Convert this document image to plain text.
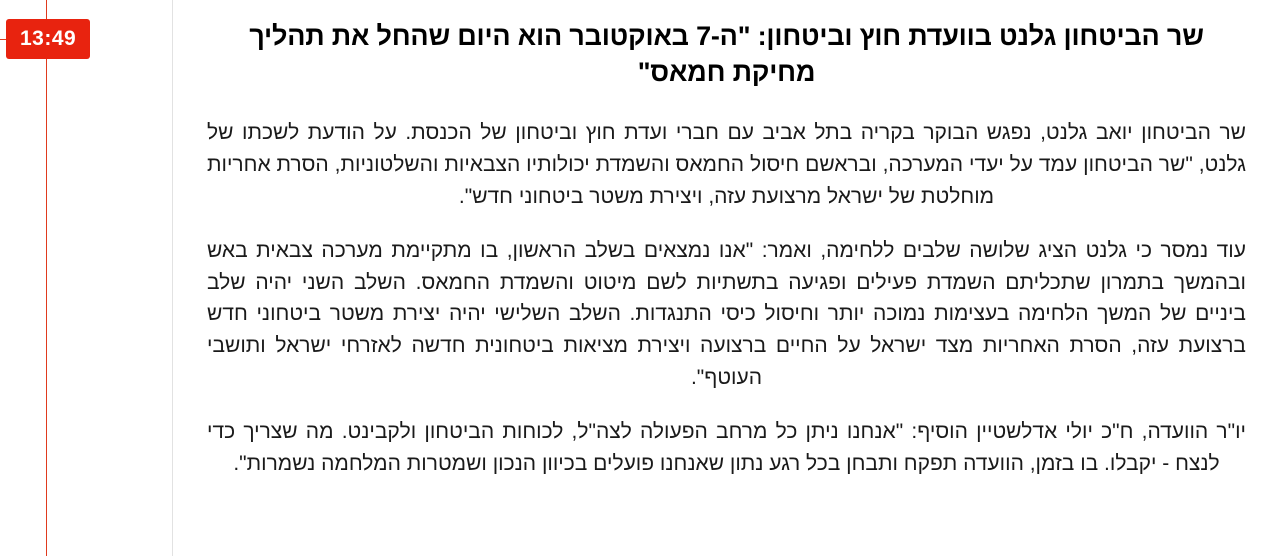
שר הביטחון גלנט בוועדת חוץ וביטחון: "ה-7 באוקטובר הוא היום שהחל את תהליך מחיקת חמאס"

שר הביטחון יואב גלנט, נפגש הבוקר בקריה בתל אביב עם חברי ועדת חוץ וביטחון של הכנסת. על הודעת לשכתו של גלנט, "שר הביטחון עמד על יעדי המערכה, ובראשם חיסול החמאס והשמדת יכולותיו הצבאיות והשלטוניות, הסרת אחריות מוחלטת של ישראל מרצועת עזה, ויצירת משטר ביטחוני חדש".

עוד נמסר כי גלנט הציג שלושה שלבים ללחימה, ואמר: "אנו נמצאים בשלב הראשון, בו מתקיימת מערכה צבאית באש ובהמשך בתמרון שתכליתם השמדת פעילים ופגיעה בתשתיות לשם מיטוט והשמדת החמאס. השלב השני יהיה שלב ביניים של המשך הלחימה בעצימות נמוכה יותר וחיסול כיסי התנגדות. השלב השלישי יהיה יצירת משטר ביטחוני חדש ברצועת עזה, הסרת האחריות מצד ישראל על החיים ברצועה ויצירת מציאות ביטחונית חדשה לאזרחי ישראל ותושבי העוטף".

יו"ר הוועדה, ח"כ יולי אדלשטיין הוסיף: "אנחנו ניתן כל מרחב הפעולה לצה"ל, לכוחות הביטחון ולקבינט. מה שצריך כדי לנצח - יקבלו. בו בזמן, הוועדה תפקח ותבחן בכל רגע נתון שאנחנו פועלים בכיוון הנכון ושמטרות המלחמה נשמרות".

13:49
